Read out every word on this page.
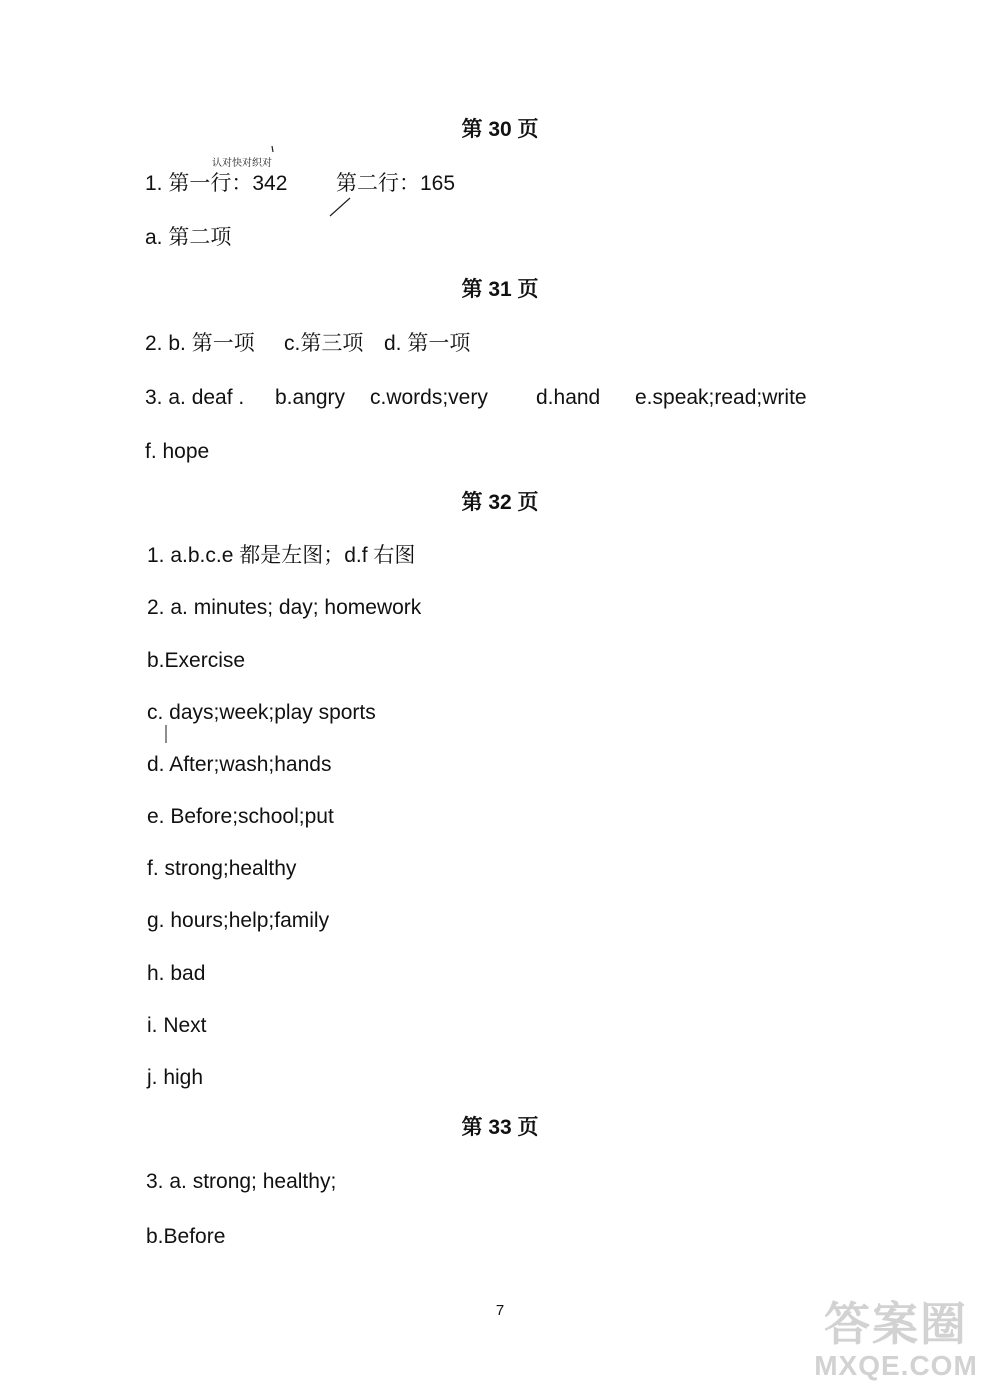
第 30 页
认对快对织对
1. 第一行：342 第二行：165
a. 第二项
第 31 页
2. b. 第一项 c.第三项 d. 第一项
3. a. deaf . b.angry c.words;very d.hand e.speak;read;write
f. hope
第 32 页
1. a.b.c.e 都是左图；d.f 右图
2. a. minutes; day; homework
b.Exercise
c. days;week;play sports
d. After;wash;hands
e. Before;school;put
f. strong;healthy
g. hours;help;family
h. bad
i. Next
j. high
第 33 页
3. a. strong; healthy;
b.Before
7	答案圈
MXQE.COM
